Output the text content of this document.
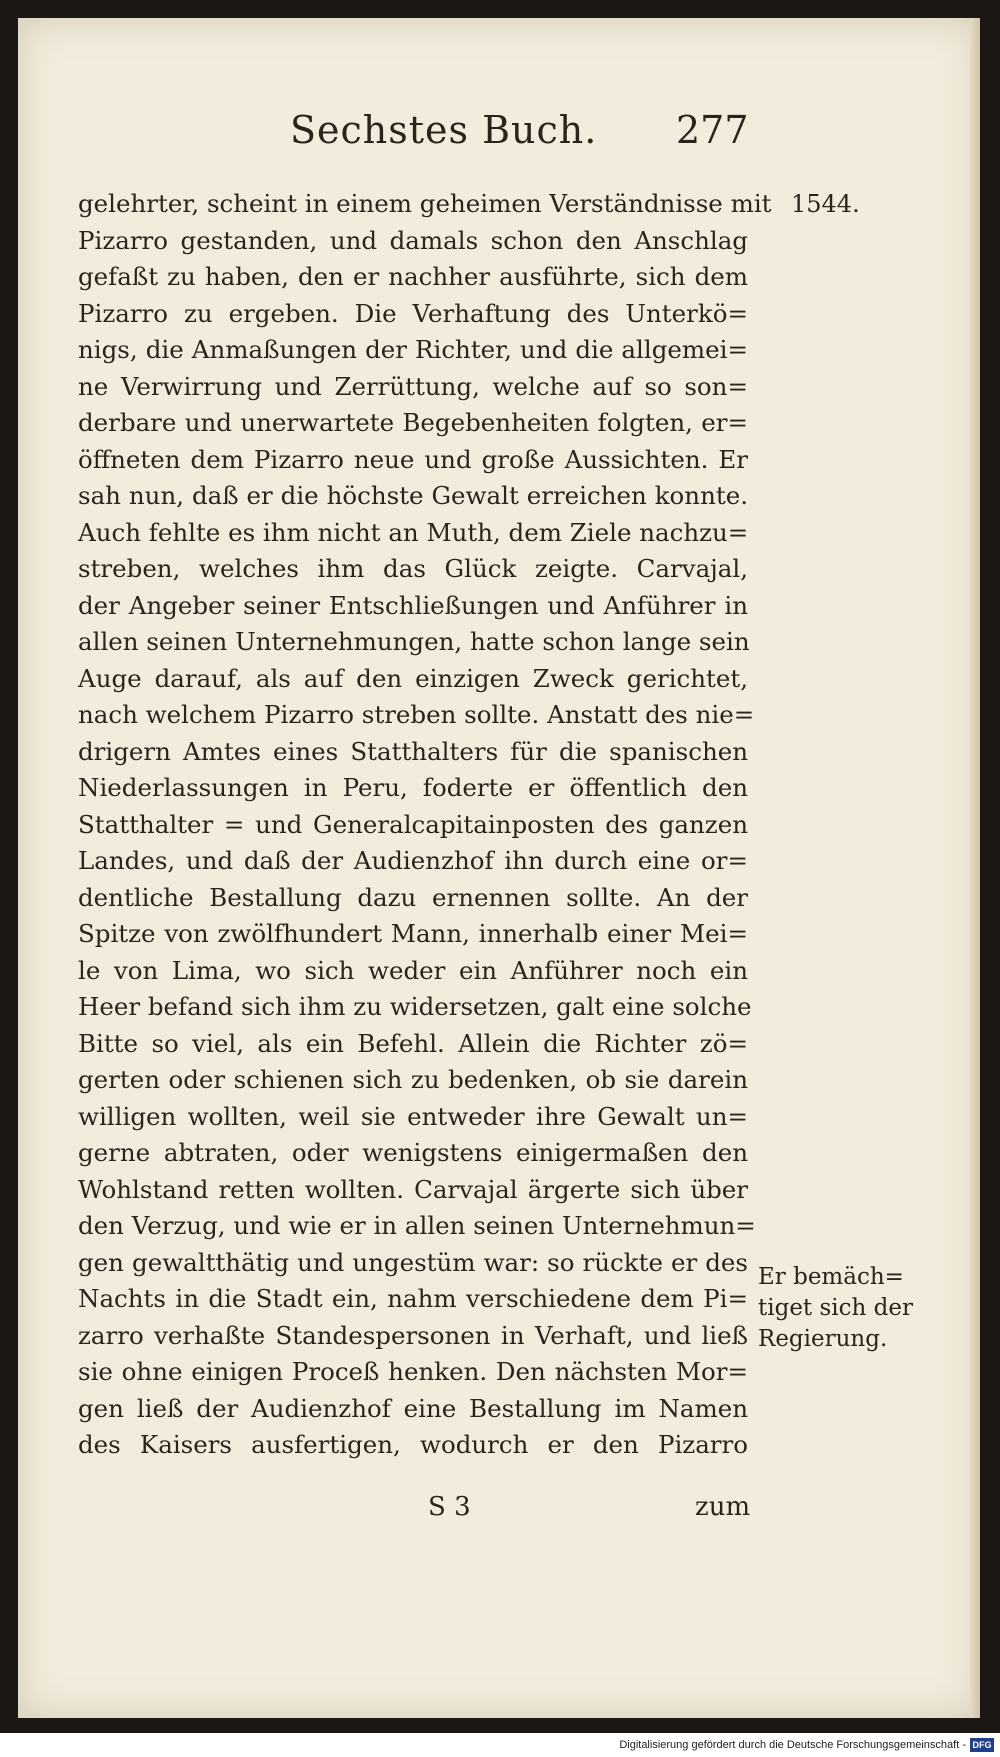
Sechstes Buch. 277
1544.
gelehrter, scheint in einem geheimen Verständnisse mit
Pizarro gestanden, und damals schon den Anschlag
gefaßt zu haben, den er nachher ausführte, sich dem
Pizarro zu ergeben. Die Verhaftung des Unterkö=
nigs, die Anmaßungen der Richter, und die allgemei=
ne Verwirrung und Zerrüttung, welche auf so son=
derbare und unerwartete Begebenheiten folgten, er=
öffneten dem Pizarro neue und große Aussichten. Er
sah nun, daß er die höchste Gewalt erreichen konnte.
Auch fehlte es ihm nicht an Muth, dem Ziele nachzu=
streben, welches ihm das Glück zeigte. Carvajal,
der Angeber seiner Entschließungen und Anführer in
allen seinen Unternehmungen, hatte schon lange sein
Auge darauf, als auf den einzigen Zweck gerichtet,
nach welchem Pizarro streben sollte. Anstatt des nie=
drigern Amtes eines Statthalters für die spanischen
Niederlassungen in Peru, foderte er öffentlich den
Statthalter = und Generalcapitainposten des ganzen
Landes, und daß der Audienzhof ihn durch eine or=
dentliche Bestallung dazu ernennen sollte. An der
Spitze von zwölfhundert Mann, innerhalb einer Mei=
le von Lima, wo sich weder ein Anführer noch ein
Heer befand sich ihm zu widersetzen, galt eine solche
Bitte so viel, als ein Befehl. Allein die Richter zö=
gerten oder schienen sich zu bedenken, ob sie darein
willigen wollten, weil sie entweder ihre Gewalt un=
gerne abtraten, oder wenigstens einigermaßen den
Wohlstand retten wollten. Carvajal ärgerte sich über
den Verzug, und wie er in allen seinen Unternehmun=
gen gewaltthätig und ungestüm war: so rückte er des
Nachts in die Stadt ein, nahm verschiedene dem Pi=
zarro verhaßte Standespersonen in Verhaft, und ließ
sie ohne einigen Proceß henken. Den nächsten Mor=
gen ließ der Audienzhof eine Bestallung im Namen
des Kaisers ausfertigen, wodurch er den Pizarro
Er bemäch=
tiget sich der
Regierung.
S 3	zum
Digitalisierung gefördert durch die Deutsche Forschungsgemeinschaft - DFG
